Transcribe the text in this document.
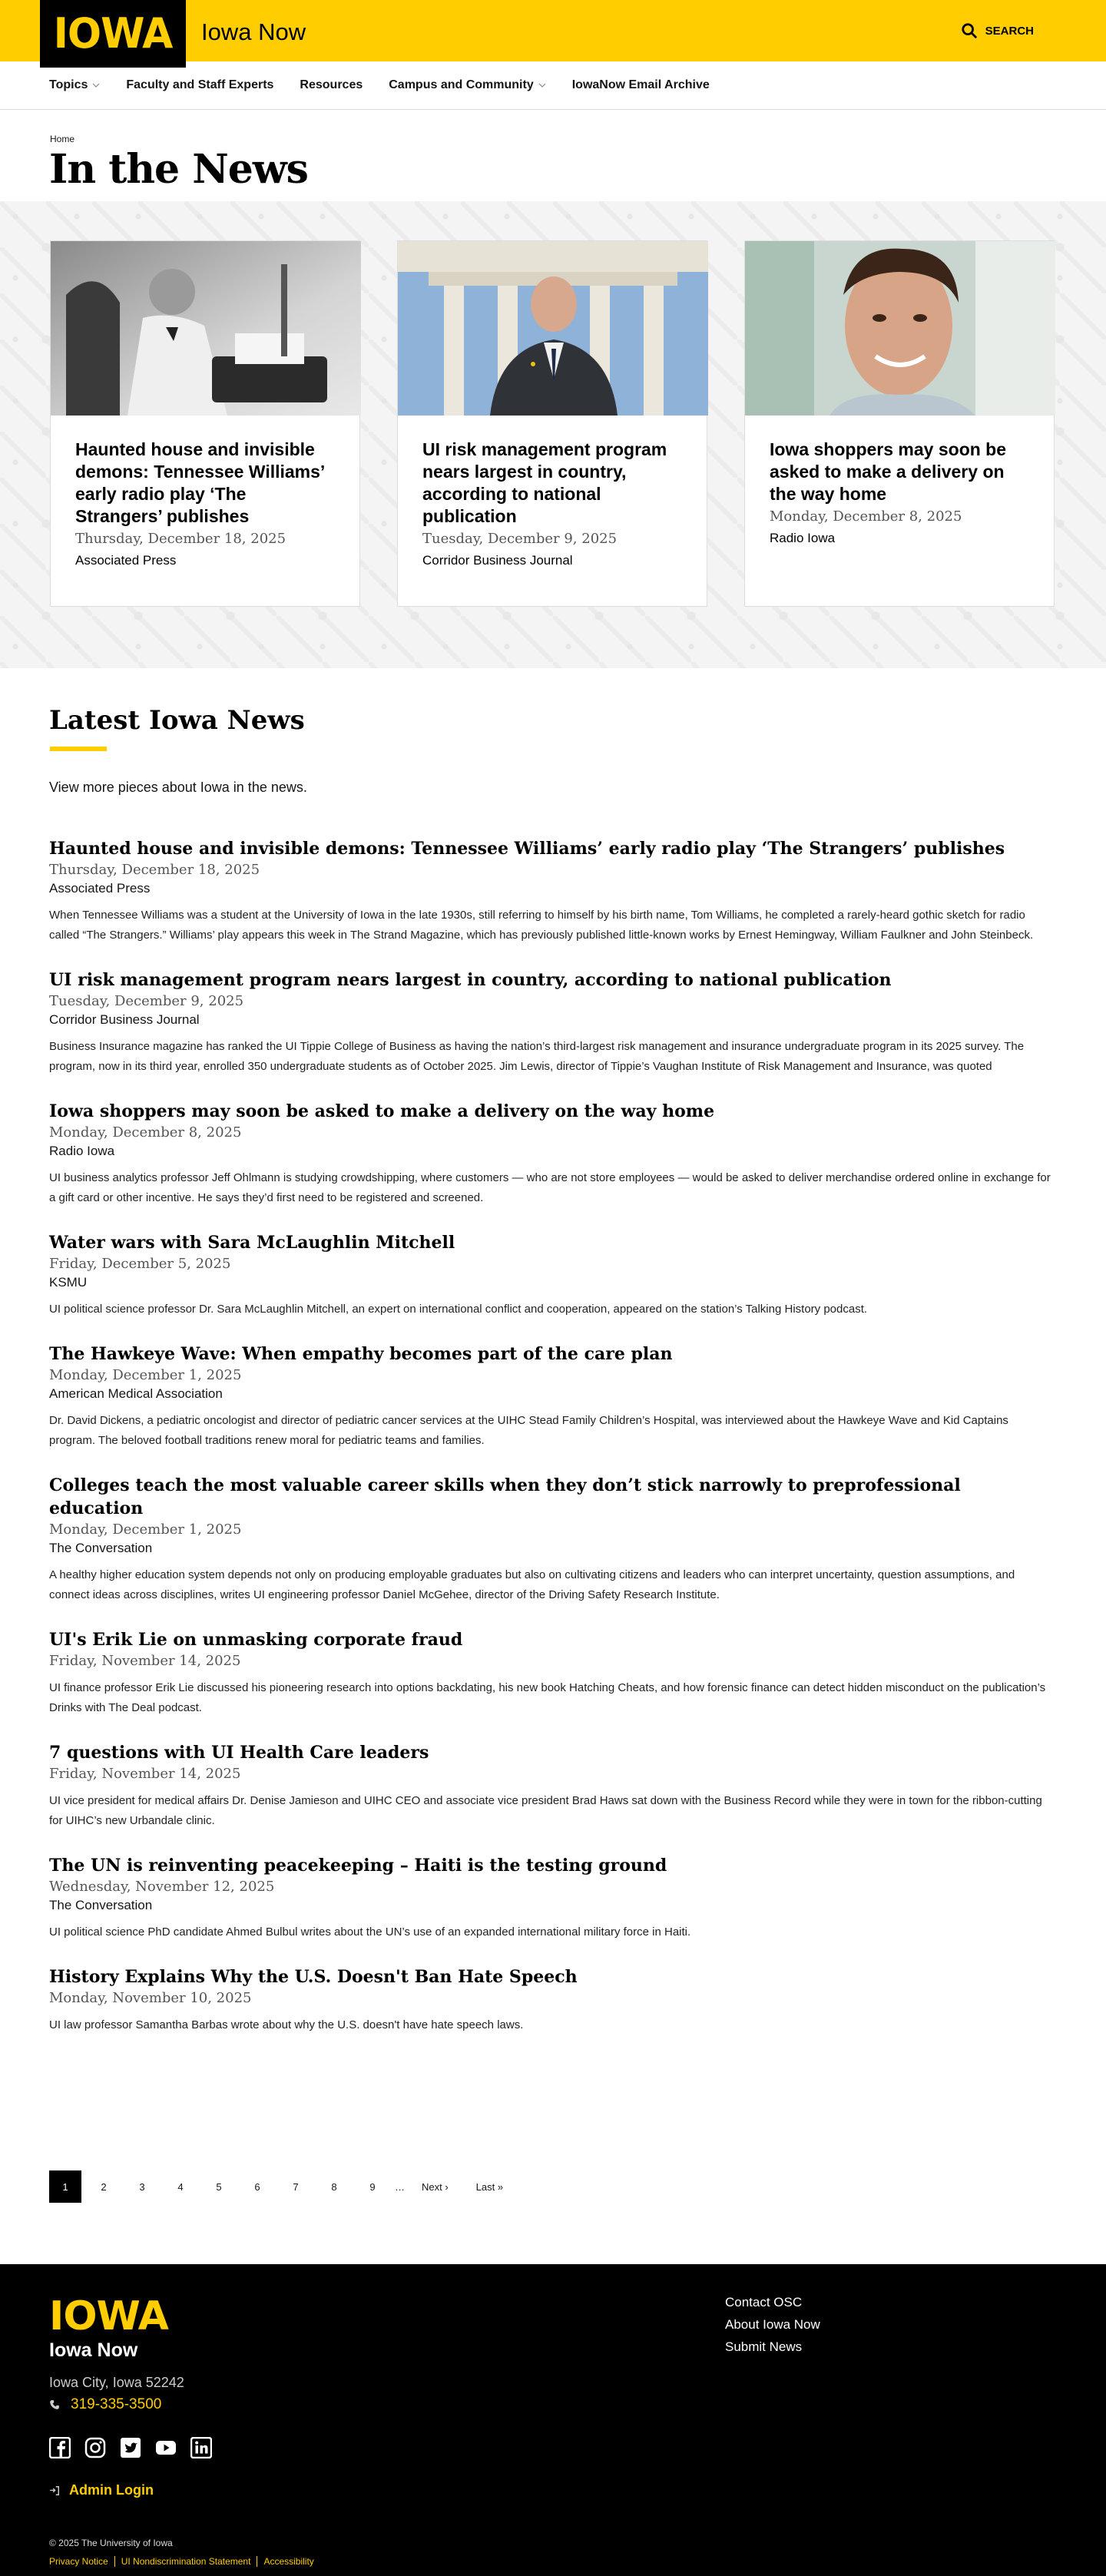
IOWA Iowa Now	SEARCH
Topics	Faculty and Staff Experts Resources Campus and Community	IowaNow Email Archive
Home
In the News
Haunted house and invisible demons: Tennessee Williams’ early radio play ‘The Strangers’ publishes
Thursday, December 18, 2025
Associated Press
UI risk management program nears largest in country, according to national publication
Tuesday, December 9, 2025
Corridor Business Journal
Iowa shoppers may soon be asked to make a delivery on the way home
Monday, December 8, 2025
Radio Iowa
Latest Iowa News

View more pieces about Iowa in the news.

Haunted house and invisible demons: Tennessee Williams’ early radio play ‘The Strangers’ publishes
Thursday, December 18, 2025
Associated Press

When Tennessee Williams was a student at the University of Iowa in the late 1930s, still referring to himself by his birth name, Tom Williams, he completed a rarely-heard gothic sketch for radio called “The Strangers.” Williams’ play appears this week in The Strand Magazine, which has previously published little-known works by Ernest Hemingway, William Faulkner and John Steinbeck.

UI risk management program nears largest in country, according to national publication
Tuesday, December 9, 2025
Corridor Business Journal

Business Insurance magazine has ranked the UI Tippie College of Business as having the nation’s third-largest risk management and insurance undergraduate program in its 2025 survey. The program, now in its third year, enrolled 350 undergraduate students as of October 2025. Jim Lewis, director of Tippie’s Vaughan Institute of Risk Management and Insurance, was quoted

Iowa shoppers may soon be asked to make a delivery on the way home
Monday, December 8, 2025
Radio Iowa

UI business analytics professor Jeff Ohlmann is studying crowdshipping, where customers — who are not store employees — would be asked to deliver merchandise ordered online in exchange for a gift card or other incentive. He says they’d first need to be registered and screened.

Water wars with Sara McLaughlin Mitchell
Friday, December 5, 2025
KSMU

UI political science professor Dr. Sara McLaughlin Mitchell, an expert on international conflict and cooperation, appeared on the station’s Talking History podcast.

The Hawkeye Wave: When empathy becomes part of the care plan
Monday, December 1, 2025
American Medical Association

Dr. David Dickens, a pediatric oncologist and director of pediatric cancer services at the UIHC Stead Family Children’s Hospital, was interviewed about the Hawkeye Wave and Kid Captains program. The beloved football traditions renew moral for pediatric teams and families.

Colleges teach the most valuable career skills when they don’t stick narrowly to preprofessional education
Monday, December 1, 2025
The Conversation

A healthy higher education system depends not only on producing employable graduates but also on cultivating citizens and leaders who can interpret uncertainty, question assumptions, and connect ideas across disciplines, writes UI engineering professor Daniel McGehee, director of the Driving Safety Research Institute.

UI's Erik Lie on unmasking corporate fraud
Friday, November 14, 2025

UI finance professor Erik Lie discussed his pioneering research into options backdating, his new book Hatching Cheats, and how forensic finance can detect hidden misconduct on the publication’s Drinks with The Deal podcast.

7 questions with UI Health Care leaders
Friday, November 14, 2025

UI vice president for medical affairs Dr. Denise Jamieson and UIHC CEO and associate vice president Brad Haws sat down with the Business Record while they were in town for the ribbon-cutting for UIHC’s new Urbandale clinic.

The UN is reinventing peacekeeping – Haiti is the testing ground
Wednesday, November 12, 2025
The Conversation

UI political science PhD candidate Ahmed Bulbul writes about the UN’s use of an expanded international military force in Haiti.

History Explains Why the U.S. Doesn't Ban Hate Speech
Monday, November 10, 2025

UI law professor Samantha Barbas wrote about why the U.S. doesn't have hate speech laws.

1	2	3	4	5	6	7	8	9	… Next ›	Last »
IOWA
Iowa Now
Iowa City, Iowa 52242
319-335-3500
Admin Login
Contact OSC
About Iowa Now
Submit News
© 2025 The University of Iowa
Privacy Notice	UI Nondiscrimination Statement	Accessibility
